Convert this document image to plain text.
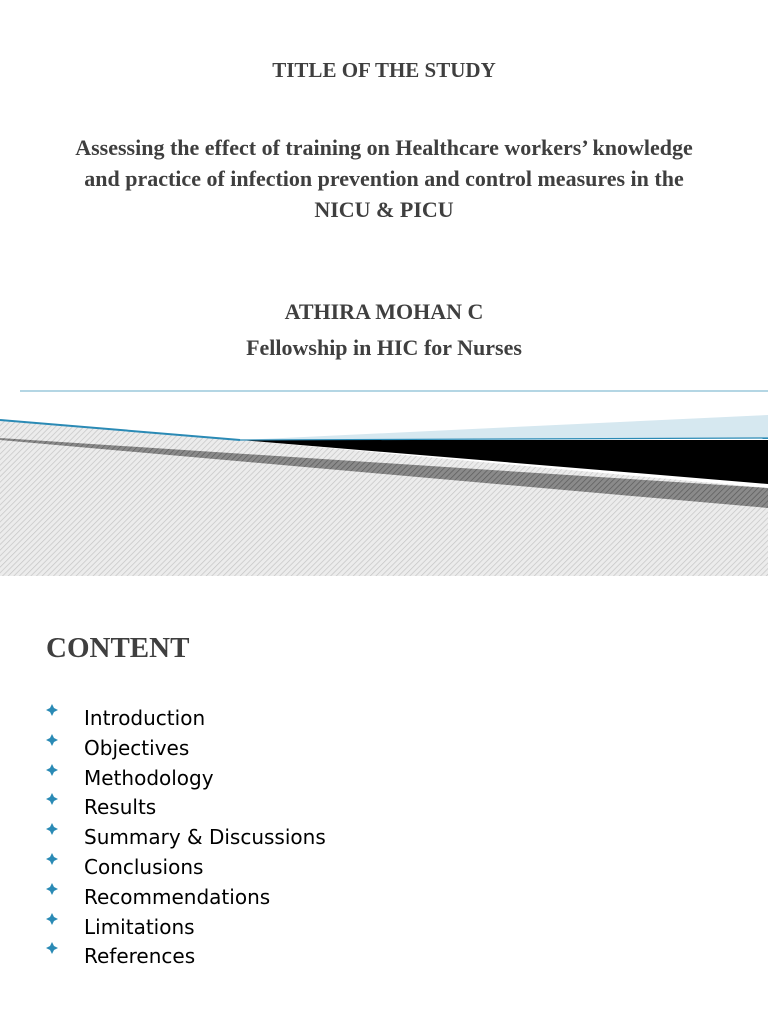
TITLE OF THE STUDY
Assessing the effect of training on Healthcare workers’ knowledge and practice of infection prevention and control measures in the NICU & PICU
ATHIRA MOHAN C
Fellowship in HIC for Nurses
CONTENT
Introduction
Objectives
Methodology
Results
Summary & Discussions
Conclusions
Recommendations
Limitations
References
